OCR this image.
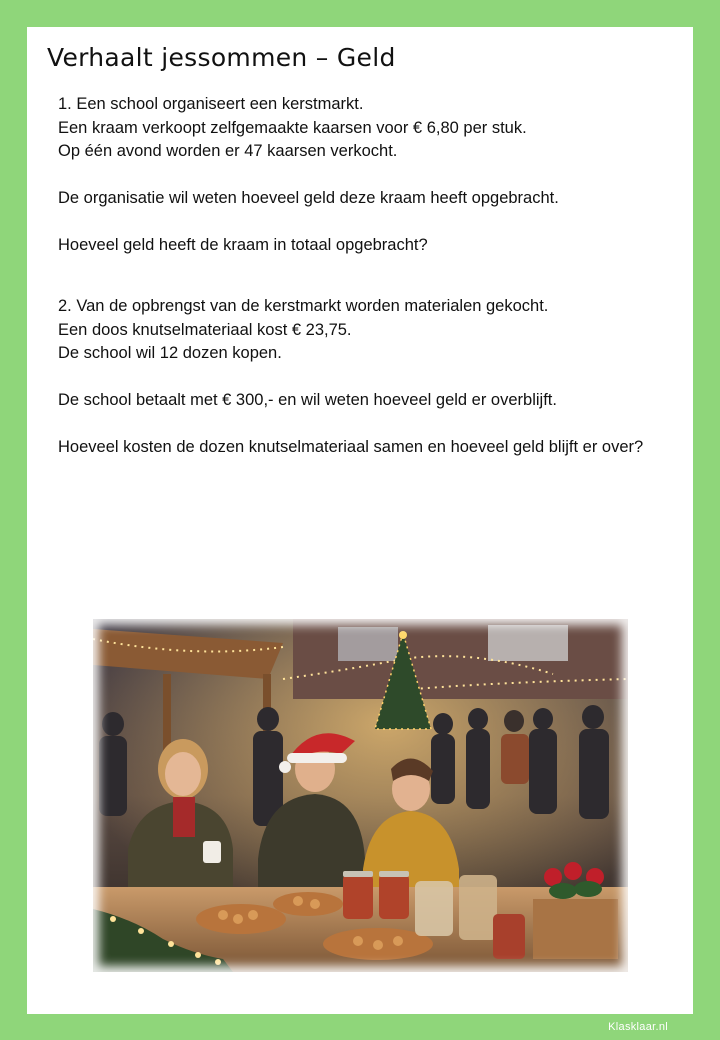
Verhaalt jessommen – Geld

1. Een school organiseert een kerstmarkt.

Een kraam verkoopt zelfgemaakte kaarsen voor € 6,80 per stuk.

Op één avond worden er 47 kaarsen verkocht.

De organisatie wil weten hoeveel geld deze kraam heeft opgebracht.

Hoeveel geld heeft de kraam in totaal opgebracht?

2. Van de opbrengst van de kerstmarkt worden materialen gekocht.

Een doos knutselmateriaal kost € 23,75.

De school wil 12 dozen kopen.

De school betaalt met € 300,- en wil weten hoeveel geld er overblijft.

Hoeveel kosten de dozen knutselmateriaal samen en hoeveel geld blijft er over?

Klasklaar.nl
